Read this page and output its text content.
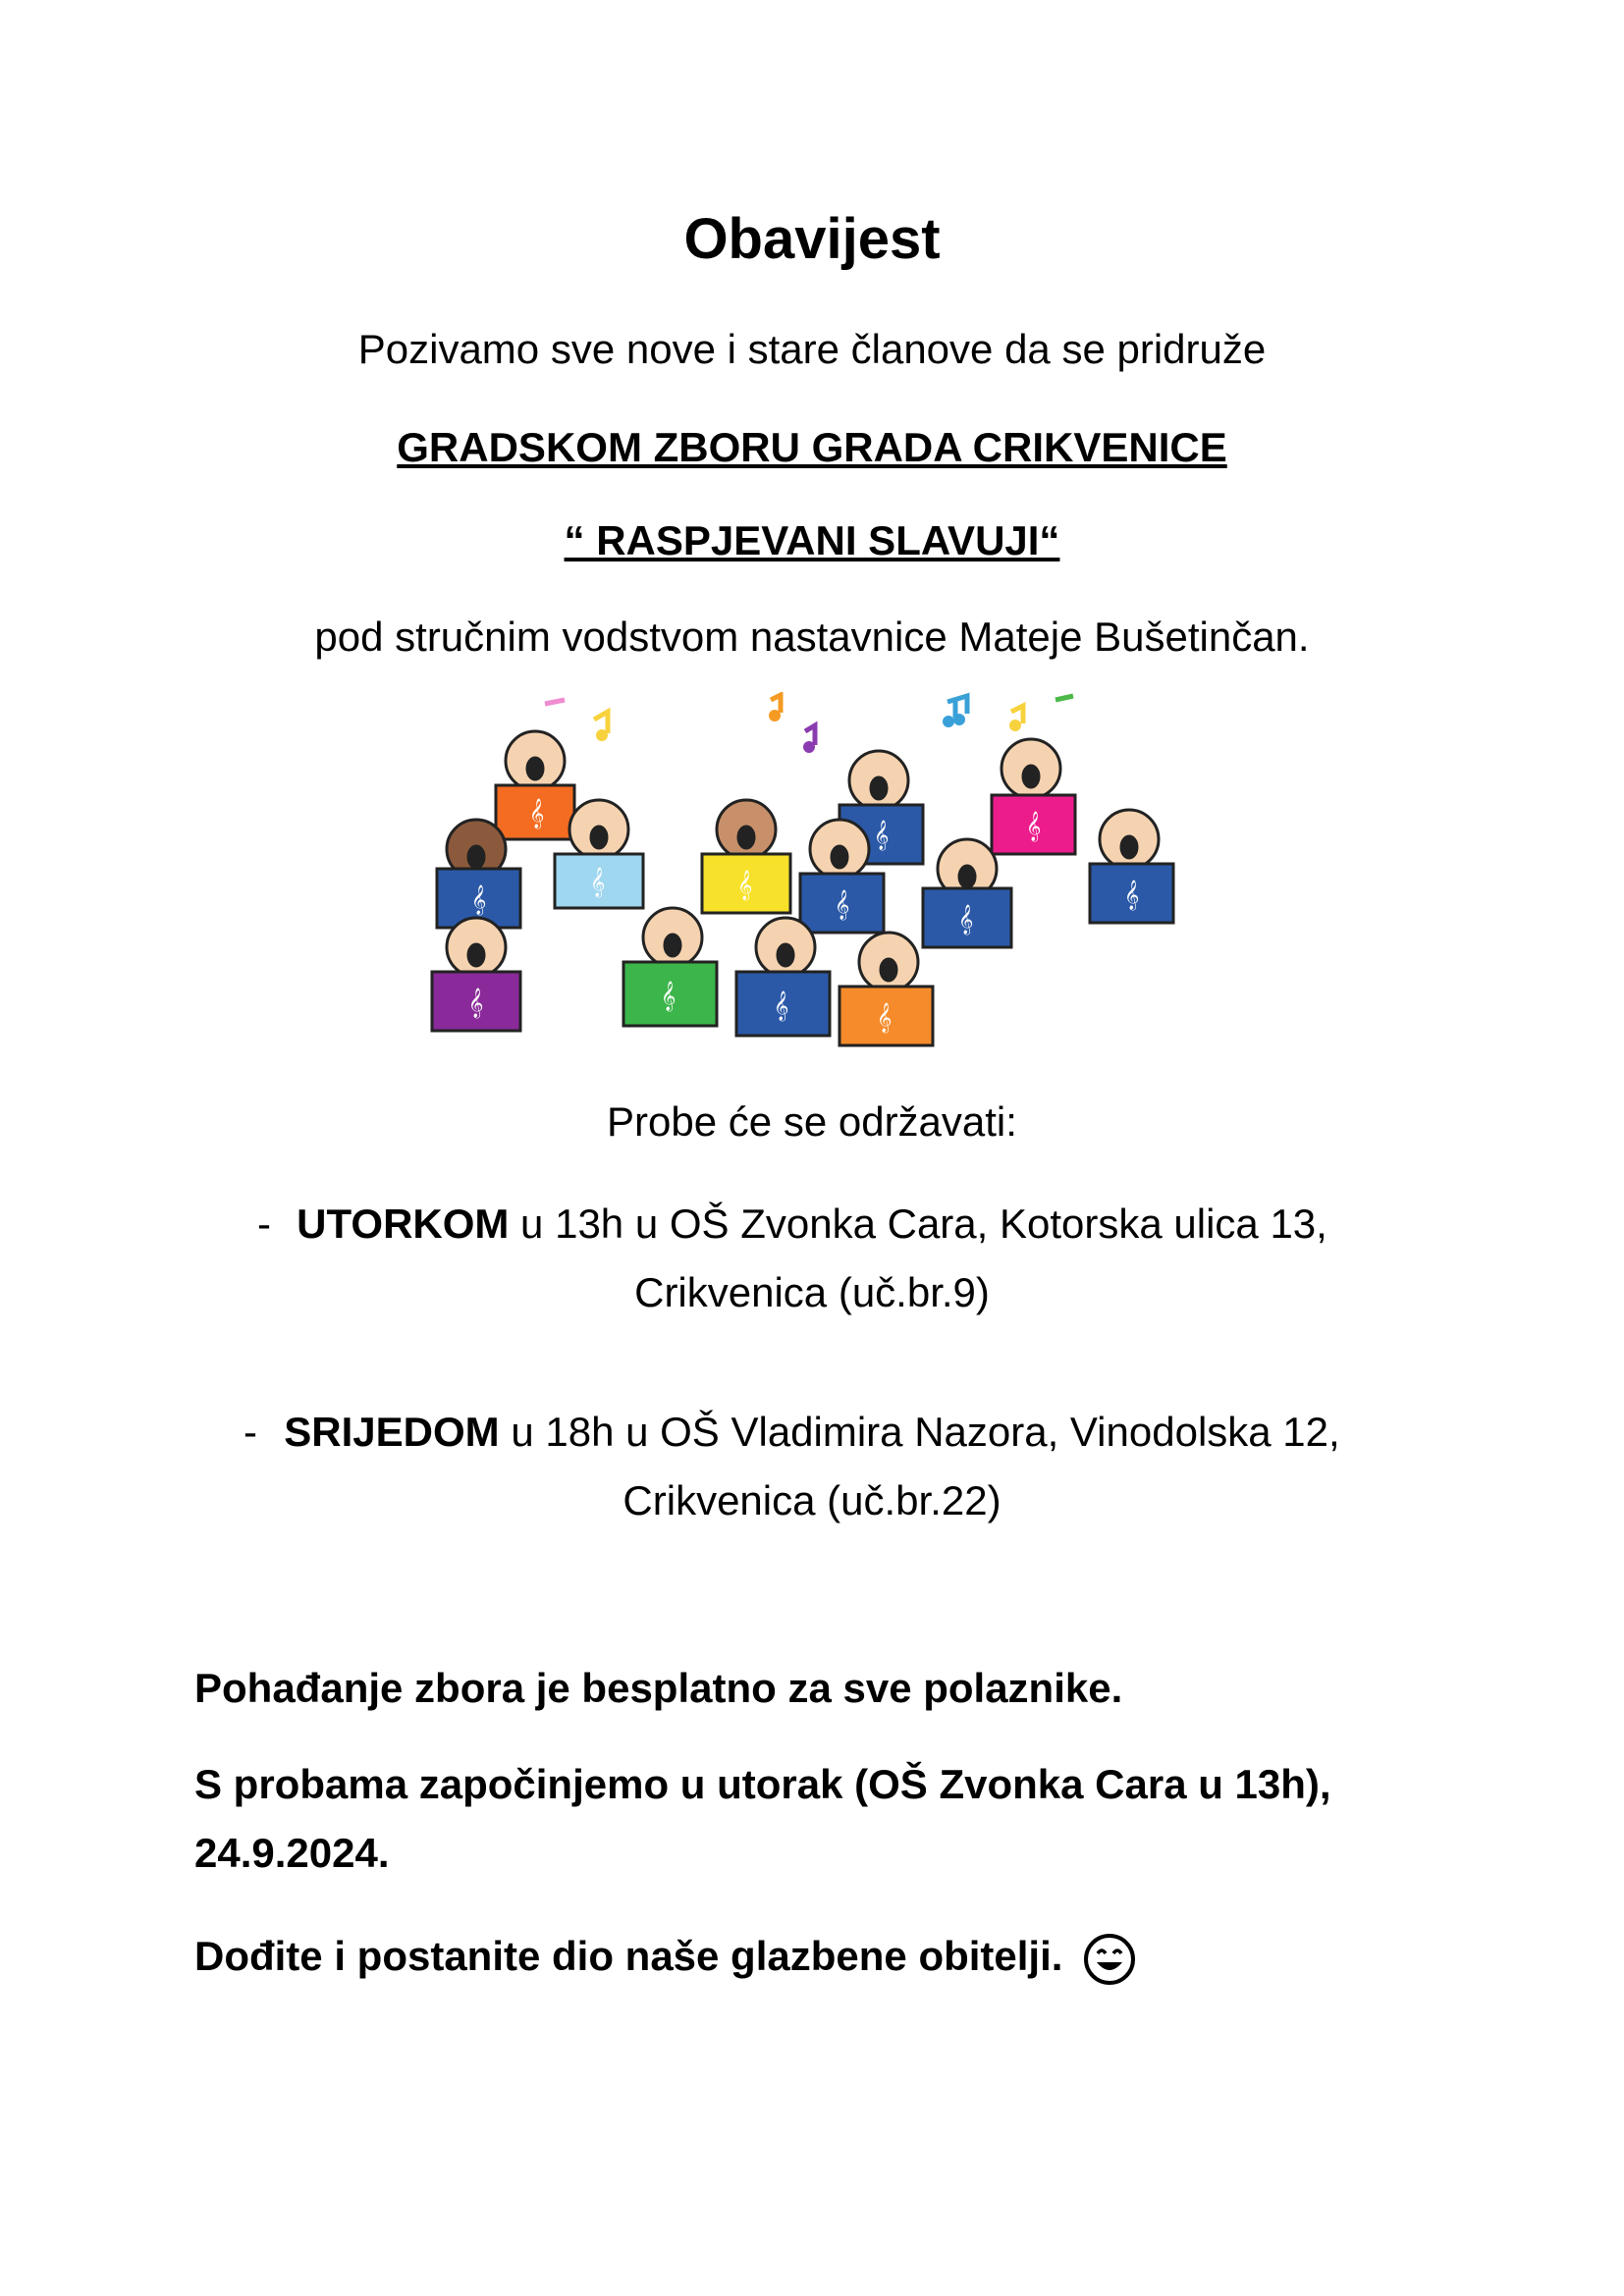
Obavijest
Pozivamo sve nove i stare članove da se pridruže
GRADSKOM ZBORU GRADA CRIKVENICE
“ RASPJEVANI SLAVUJI“
pod stručnim vodstvom nastavnice Mateje Bušetinčan.
𝄞
𝄞	𝄞
𝄞
𝄞	𝄞
𝄞	𝄞
𝄞
𝄞	𝄞	𝄞	𝄞
Probe će se održavati:
- UTORKOM u 13h u OŠ Zvonka Cara, Kotorska ulica 13,
Crikvenica (uč.br.9)
- SRIJEDOM u 18h u OŠ Vladimira Nazora, Vinodolska 12,
Crikvenica (uč.br.22)
Pohađanje zbora je besplatno za sve polaznike.
S probama započinjemo u utorak (OŠ Zvonka Cara u 13h),
24.9.2024.
Dođite i postanite dio naše glazbene obitelji.
